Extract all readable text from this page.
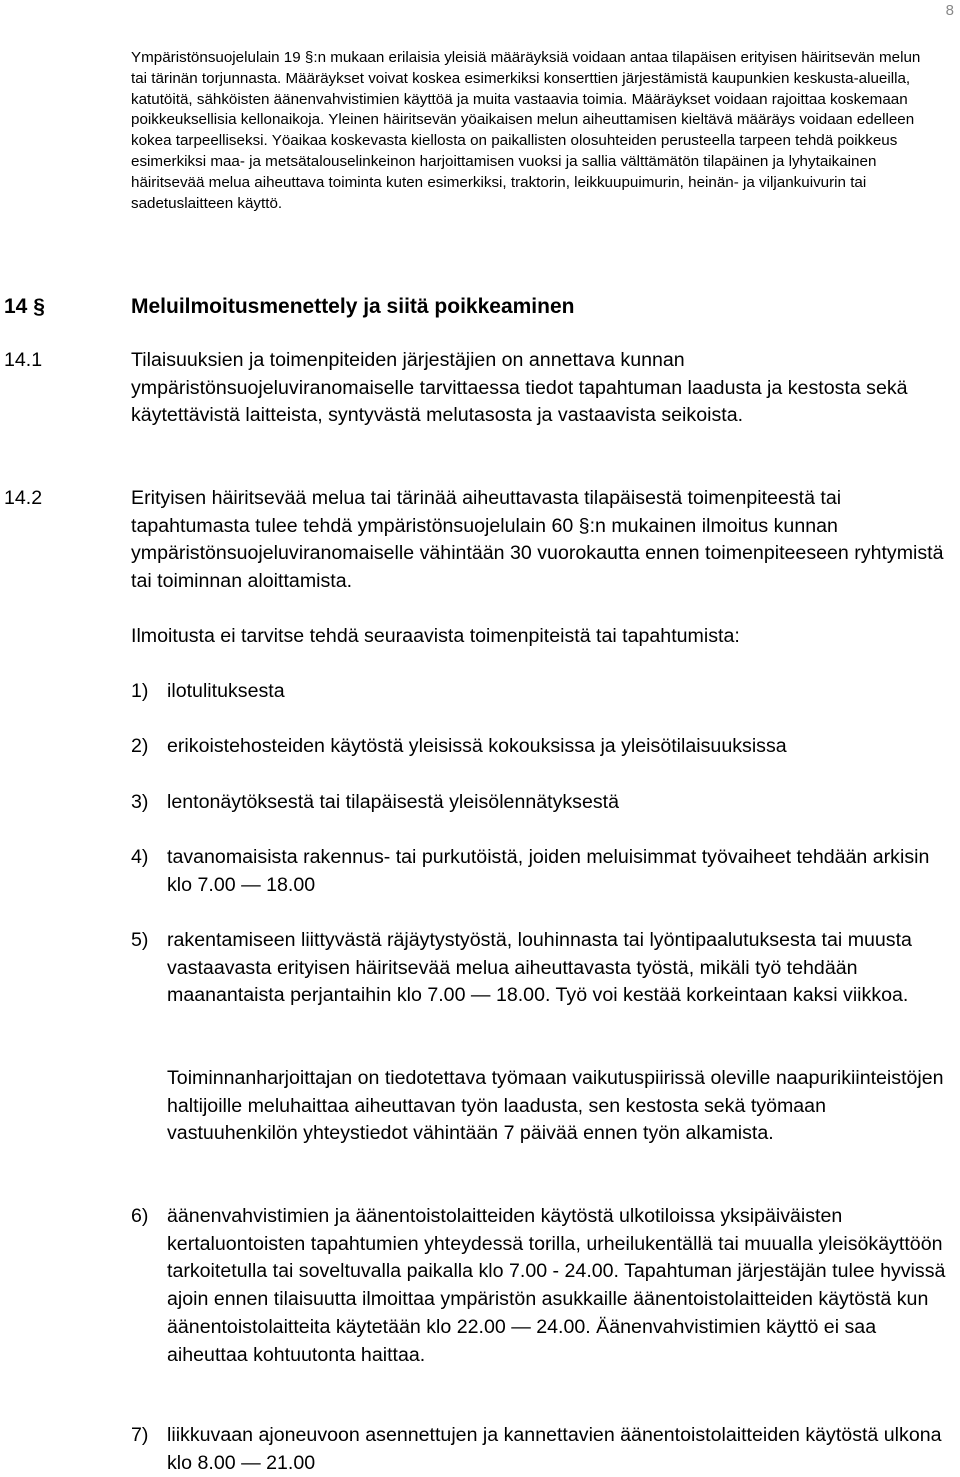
8

Ympäristönsuojelulain 19 §:n mukaan erilaisia yleisiä määräyksiä voidaan antaa tilapäisen erityisen häiritsevän melun tai tärinän torjunnasta. Määräykset voivat koskea esimerkiksi konserttien järjestämistä kaupunkien keskusta-alueilla, katutöitä, sähköisten äänenvahvistimien käyttöä ja muita vastaavia toimia. Määräykset voidaan rajoittaa koskemaan poikkeuksellisia kellonaikoja. Yleinen häiritsevän yöaikaisen melun aiheuttamisen kieltävä määräys voidaan edelleen kokea tarpeelliseksi. Yöaikaa koskevasta kiellosta on paikallisten olosuhteiden perusteella tarpeen tehdä poikkeus esimerkiksi maa- ja metsätalouselinkeinon harjoittamisen vuoksi ja sallia välttämätön tilapäinen ja lyhytaikainen häiritsevää melua aiheuttava toiminta kuten esimerkiksi, traktorin, leikkuupuimurin, heinän- ja viljankuivurin tai sadetuslaitteen käyttö.

14 §	Meluilmoitusmenettely ja siitä poikkeaminen
14.1	Tilaisuuksien ja toimenpiteiden järjestäjien on annettava kunnan ympäristönsuojeluviranomaiselle tarvittaessa tiedot tapahtuman laadusta ja kestosta sekä käytettävistä laitteista, syntyvästä melutasosta ja vastaavista seikoista.

14.2	Erityisen häiritsevää melua tai tärinää aiheuttavasta tilapäisestä toimenpiteestä tai tapahtumasta tulee tehdä ympäristönsuojelulain 60 §:n mukainen ilmoitus kunnan ympäristönsuojeluviranomaiselle vähintään 30 vuorokautta ennen toimenpiteeseen ryhtymistä tai toiminnan aloittamista.

Ilmoitusta ei tarvitse tehdä seuraavista toimenpiteistä tai tapahtumista:

1) ilotulituksesta

2) erikoistehosteiden käytöstä yleisissä kokouksissa ja yleisötilaisuuksissa

3) lentonäytöksestä tai tilapäisestä yleisölennätyksestä

4) tavanomaisista rakennus- tai purkutöistä, joiden meluisimmat työvaiheet tehdään arkisin klo 7.00 — 18.00

5) rakentamiseen liittyvästä räjäytystyöstä, louhinnasta tai lyöntipaalutuksesta tai muusta vastaavasta erityisen häiritsevää melua aiheuttavasta työstä, mikäli työ tehdään maanantaista perjantaihin klo 7.00 — 18.00. Työ voi kestää korkeintaan kaksi viikkoa.

Toiminnanharjoittajan on tiedotettava työmaan vaikutuspiirissä oleville naapurikiinteistöjen haltijoille meluhaittaa aiheuttavan työn laadusta, sen kestosta sekä työmaan vastuuhenkilön yhteystiedot vähintään 7 päivää ennen työn alkamista.

6) äänenvahvistimien ja äänentoistolaitteiden käytöstä ulkotiloissa yksipäiväisten kertaluontoisten tapahtumien yhteydessä torilla, urheilukentällä tai muualla yleisökäyttöön tarkoitetulla tai soveltuvalla paikalla klo 7.00 - 24.00. Tapahtuman järjestäjän tulee hyvissä ajoin ennen tilaisuutta ilmoittaa ympäristön asukkaille äänentoistolaitteiden käytöstä kun äänentoistolaitteita käytetään klo 22.00 — 24.00. Äänenvahvistimien käyttö ei saa aiheuttaa kohtuutonta haittaa.

7) liikkuvaan ajoneuvoon asennettujen ja kannettavien äänentoistolaitteiden käytöstä ulkona klo 8.00 — 21.00
